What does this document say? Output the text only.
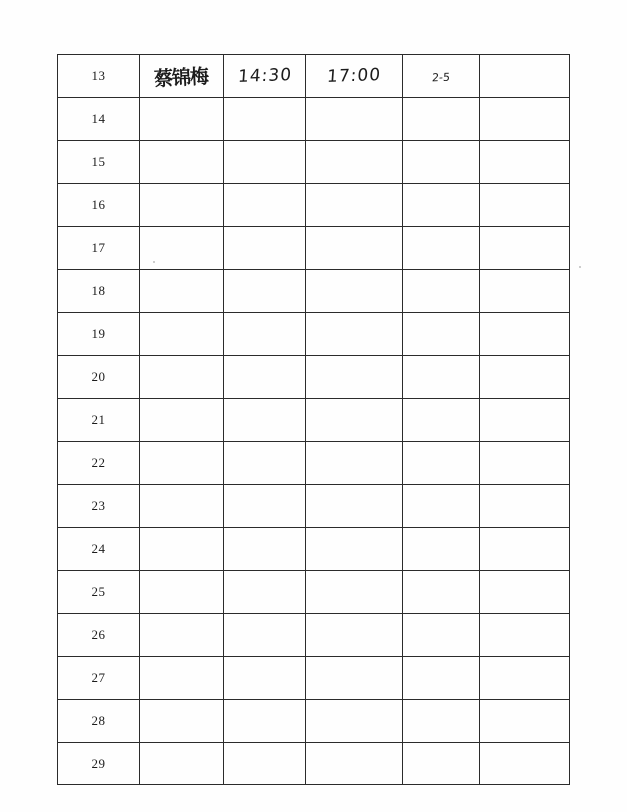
13	蔡锦梅	14:30	17:00	2-5	
14					
15					
16					
17					
18					
19					
20					
21					
22					
23					
24					
25					
26					
27					
28					
29					
